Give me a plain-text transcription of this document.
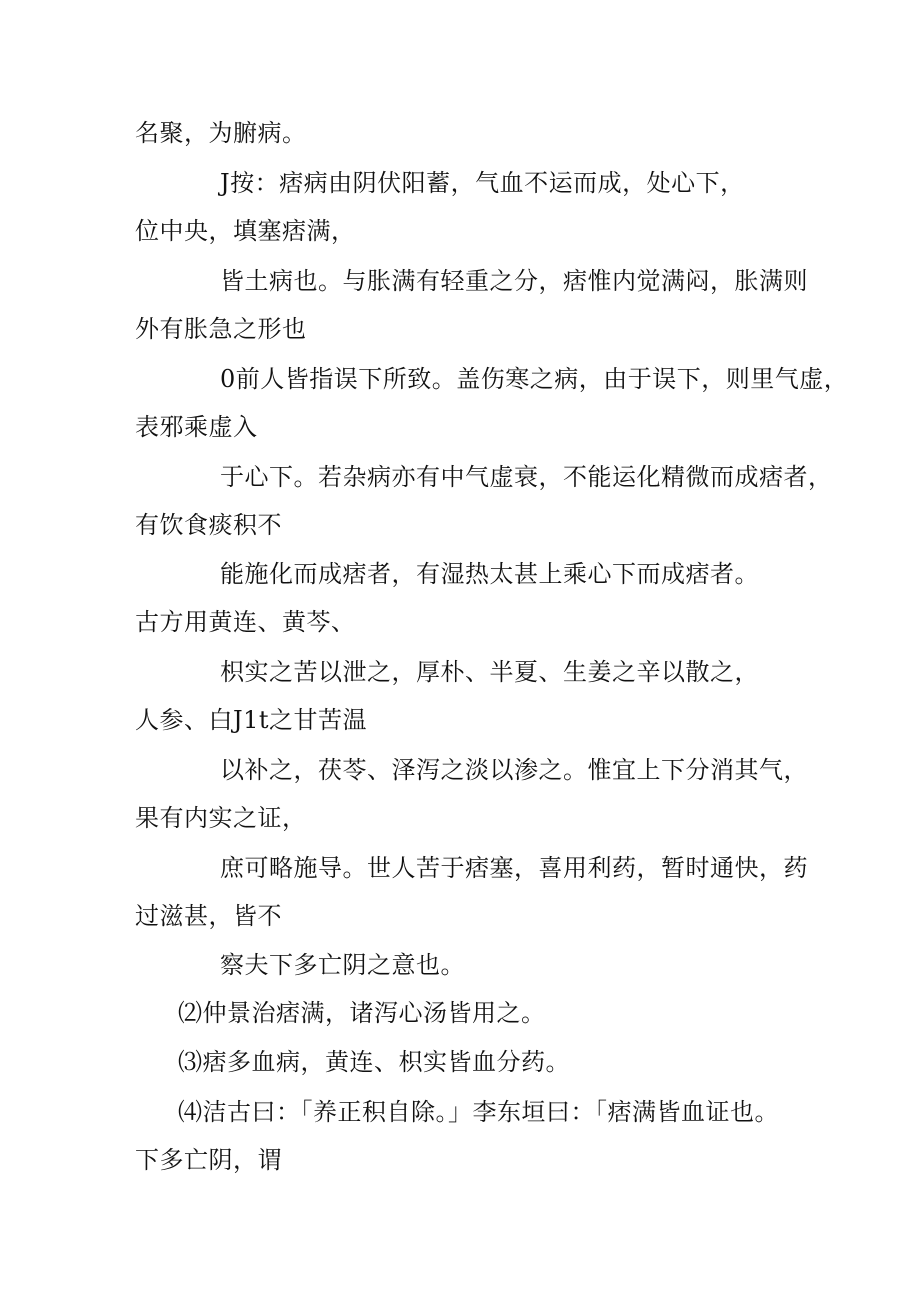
名聚，为腑病。
J按：痞病由阴伏阳蓄，气血不运而成，处心下，
位中央，填塞痞满，
皆土病也。与胀满有轻重之分，痞惟内觉满闷，胀满则
外有胀急之形也
0前人皆指误下所致。盖伤寒之病，由于误下，则里气虚，
表邪乘虚入
于心下。若杂病亦有中气虚衰，不能运化精微而成痞者，
有饮食痰积不
能施化而成痞者，有湿热太甚上乘心下而成痞者。
古方用黄连、黄芩、
枳实之苦以泄之，厚朴、半夏、生姜之辛以散之，
人参、白J1t之甘苦温
以补之，茯苓、泽泻之淡以渗之。惟宜上下分消其气，
果有内实之证，
庶可略施导。世人苦于痞塞，喜用利药，暂时通快，药
过滋甚，皆不
察夫下多亡阴之意也。
⑵仲景治痞满，诸泻心汤皆用之。
⑶痞多血病，黄连、枳实皆血分药。
⑷洁古曰：「养正积自除。」李东垣曰：「痞满皆血证也。
下多亡阴，谓
